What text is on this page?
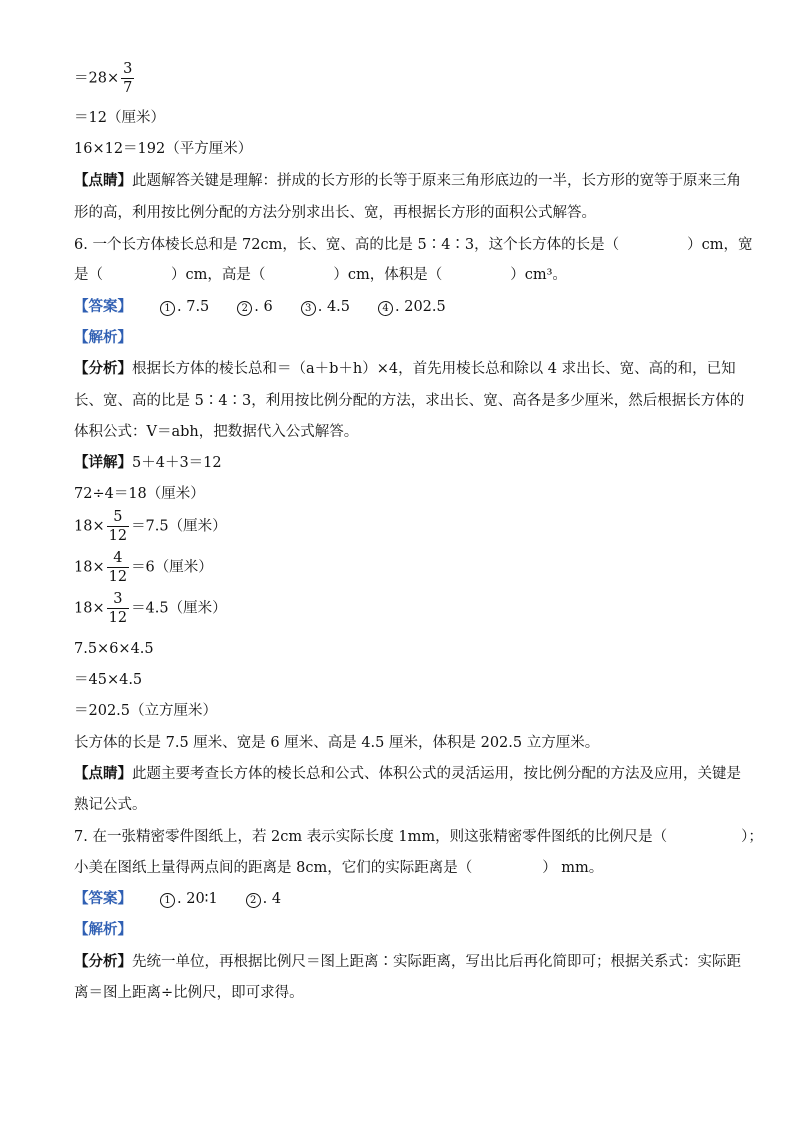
$=28\times \frac{3}{7}$
＝12（厘米）
16×12＝192（平方厘米）
【点睛】此题解答关键是理解：拼成的长方形的长等于原来三角形底边的一半，长方形的宽等于原来三角
形的高，利用按比例分配的方法分别求出长、宽，再根据长方形的面积公式解答。
6. 一个长方体棱长总和是 72cm，长、宽、高的比是 5∶4∶3，这个长方体的长是（	）cm，宽
是（	）cm，高是（	）cm，体积是（	）cm³。
【答案】	1 . 7.5	2 . 6	3 . 4.5	4 . 202.5
【解析】
【分析】根据长方体的棱长总和＝（a＋b＋h）×4，首先用棱长总和除以 4 求出长、宽、高的和，已知
长、宽、高的比是 5∶4∶3，利用按比例分配的方法，求出长、宽、高各是多少厘米，然后根据长方体的
体积公式：V＝abh，把数据代入公式解答。
【详解】5＋4＋3＝12
72÷4＝18（厘米）
$18\times \frac{5}{12} =7.5$（厘米）
$18\times \frac{4}{12} =6$（厘米）
$18\times \frac{3}{12} =4.5$（厘米）
7.5×6×4.5
＝45×4.5
＝202.5（立方厘米）
长方体的长是 7.5 厘米、宽是 6 厘米、高是 4.5 厘米，体积是 202.5 立方厘米。
【点睛】此题主要考查长方体的棱长总和公式、体积公式的灵活运用，按比例分配的方法及应用，关键是
熟记公式。
7. 在一张精密零件图纸上，若 2cm 表示实际长度 1mm，则这张精密零件图纸的比例尺是（	）；
小美在图纸上量得两点间的距离是 8cm，它们的实际距离是（	） mm。
【答案】	1 . 20∶1	2 . 4
【解析】
【分析】先统一单位，再根据比例尺＝图上距离∶实际距离，写出比后再化简即可；根据关系式：实际距
离＝图上距离÷比例尺，即可求得。
